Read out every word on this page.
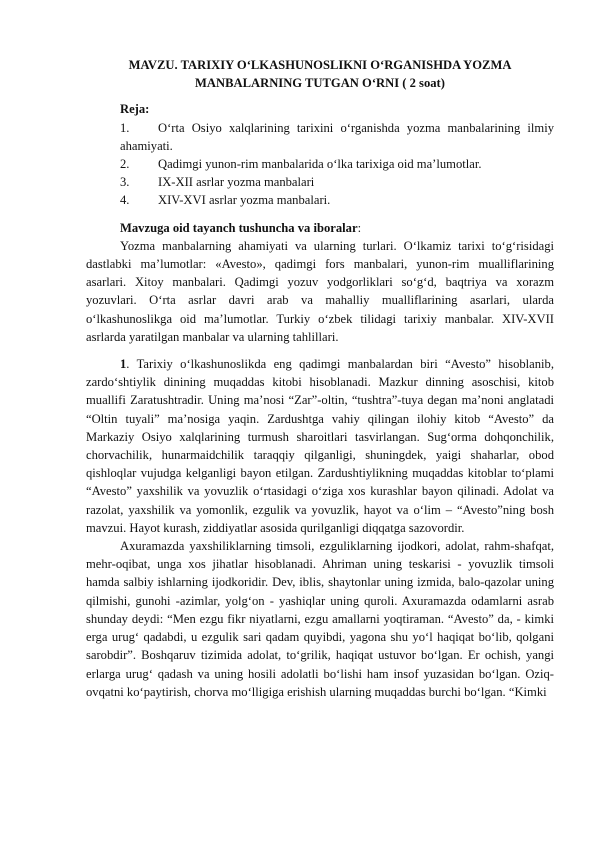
MAVZU. TARIXIY O‘LKASHUNOSLIKNI O‘RGANISHDA YOZMA
MANBALARNING TUTGAN O‘RNI ( 2 soat)

Reja:

1. O‘rta Osiyo xalqlarining tarixini o‘rganishda yozma manbalarining ilmiy ahamiyati.
2. Qadimgi yunon-rim manbalarida o‘lka tarixiga oid ma’lumotlar.
3. IX-XII asrlar yozma manbalari
4. XIV-XVI asrlar yozma manbalari.

Mavzuga oid tayanch tushuncha va iboralar:

Yozma manbalarning ahamiyati va ularning turlari. O‘lkamiz tarixi to‘g‘risidagi dastlabki ma’lumotlar: «Avesto», qadimgi fors manbalari, yunon-rim mualliflarining asarlari. Xitoy manbalari. Qadimgi yozuv yodgorliklari so‘g‘d, baqtriya va xorazm yozuvlari. O‘rta asrlar davri arab va mahalliy mualliflarining asarlari, ularda o‘lkashunoslikga oid ma’lumotlar. Turkiy o‘zbek tilidagi tarixiy manbalar. XIV-XVII asrlarda yaratilgan manbalar va ularning tahlillari.

1. Tarixiy o‘lkashunoslikda eng qadimgi manbalardan biri “Avesto” hisoblanib, zardo‘shtiylik dinining muqaddas kitobi hisoblanadi. Mazkur dinning asoschisi, kitob muallifi Zaratushtradir. Uning ma’nosi “Zar”-oltin, “tushtra”-tuya degan ma’noni anglatadi “Oltin tuyali” ma’nosiga yaqin. Zardushtga vahiy qilingan ilohiy kitob “Avesto” da Markaziy Osiyo xalqlarining turmush sharoitlari tasvirlangan. Sug‘orma dohqonchilik, chorvachilik, hunarmaidchilik taraqqiy qilganligi, shuningdek, yaigi shaharlar, obod qishloqlar vujudga kelganligi bayon etilgan. Zardushtiylikning muqaddas kitoblar to‘plami “Avesto” yaxshilik va yovuzlik o‘rtasidagi o‘ziga xos kurashlar bayon qilinadi. Adolat va razolat, yaxshilik va yomonlik, ezgulik va yovuzlik, hayot va o‘lim – “Avesto”ning bosh mavzui. Hayot kurash, ziddiyatlar asosida qurilganligi diqqatga sazovordir.

Axuramazda yaxshiliklarning timsoli, ezguliklarning ijodkori, adolat, rahm-shafqat, mehr-oqibat, unga xos jihatlar hisoblanadi. Ahriman uning teskarisi - yovuzlik timsoli hamda salbiy ishlarning ijodkoridir. Dev, iblis, shaytonlar uning izmida, balo-qazolar uning qilmishi, gunohi -azimlar, yolg‘on - yashiqlar uning quroli. Axuramazda odamlarni asrab shunday deydi: “Men ezgu fikr niyatlarni, ezgu amallarni yoqtiraman. “Avesto” da, - kimki erga urug‘ qadabdi, u ezgulik sari qadam quyibdi, yagona shu yo‘l haqiqat bo‘lib, qolgani sarobdir”. Boshqaruv tizimida adolat, to‘grilik, haqiqat ustuvor bo‘lgan. Er ochish, yangi erlarga urug‘ qadash va uning hosili adolatli bo‘lishi ham insof yuzasidan bo‘lgan. Oziq-ovqatni ko‘paytirish, chorva mo‘lligiga erishish ularning muqaddas burchi bo‘lgan. “Kimki
